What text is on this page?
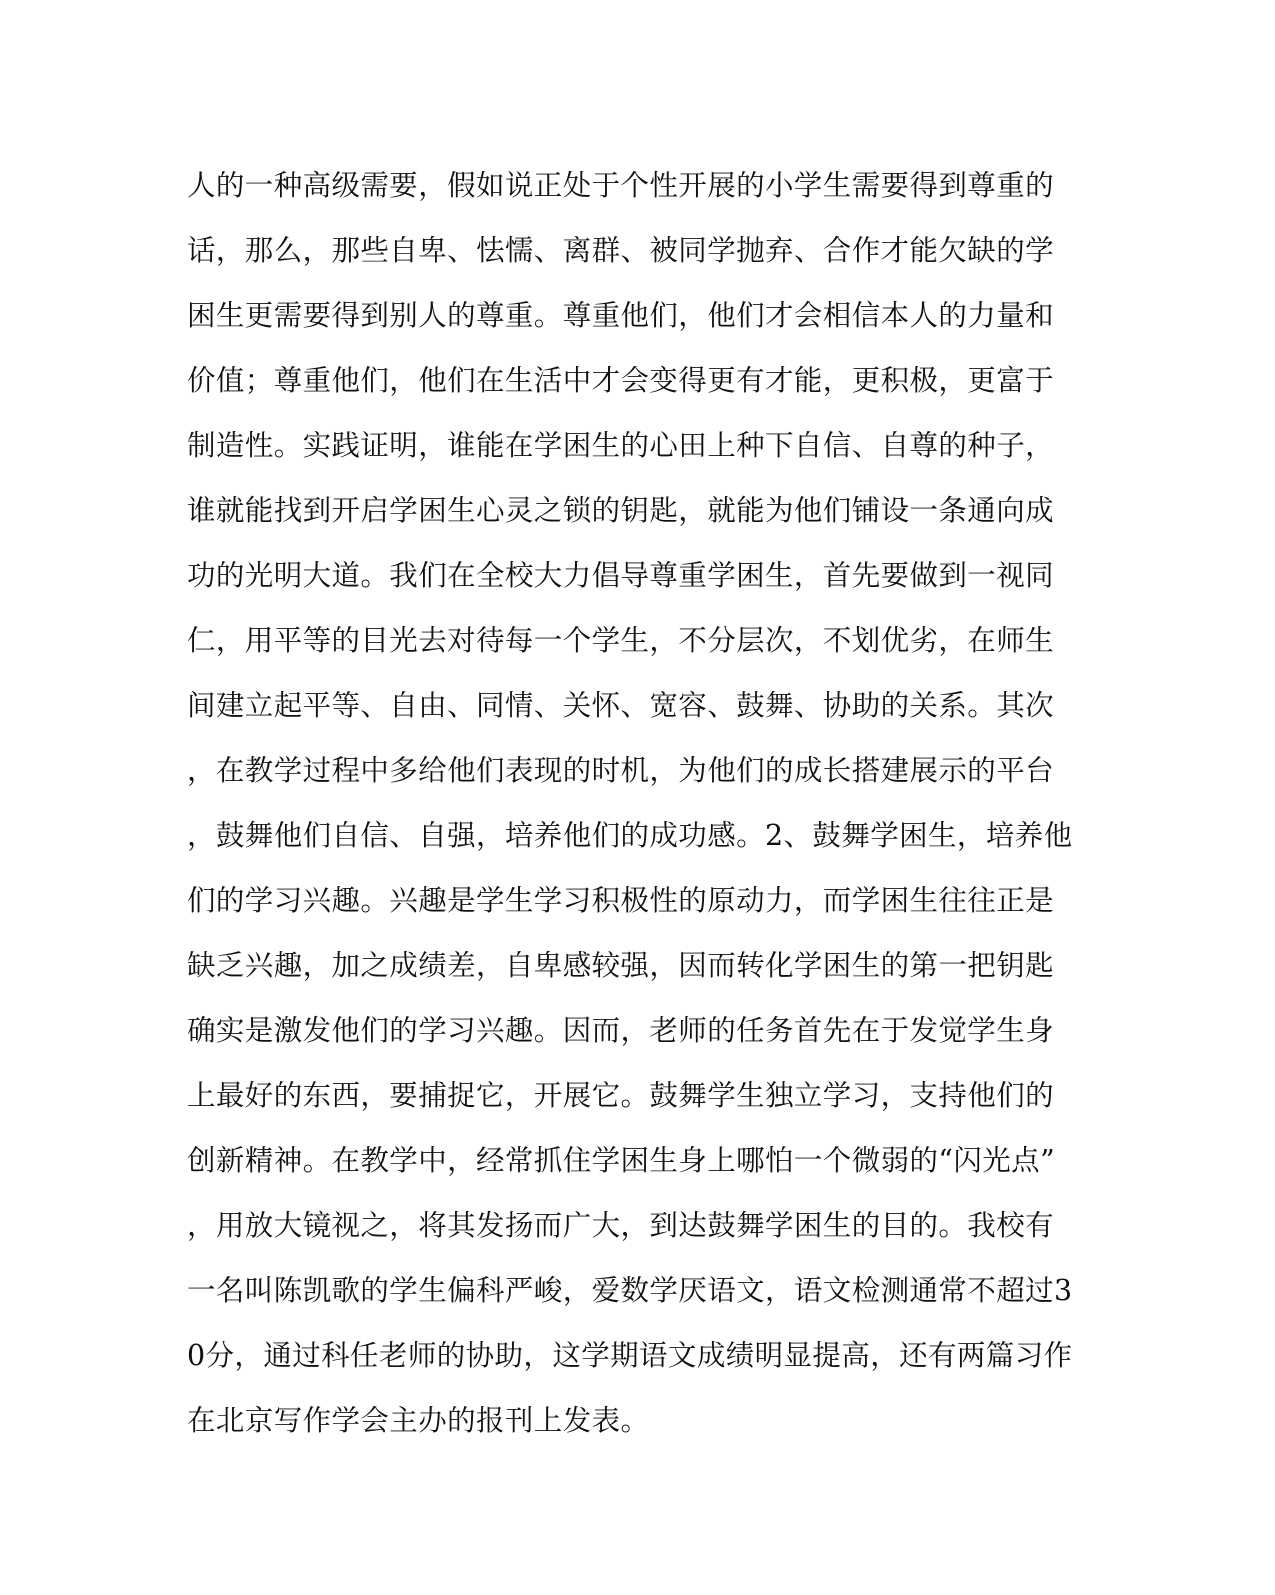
人的一种高级需要，假如说正处于个性开展的小学生需要得到尊重的
话，那么，那些自卑、怯懦、离群、被同学抛弃、合作才能欠缺的学
困生更需要得到别人的尊重。尊重他们，他们才会相信本人的力量和
价值；尊重他们，他们在生活中才会变得更有才能，更积极，更富于
制造性。实践证明，谁能在学困生的心田上种下自信、自尊的种子，
谁就能找到开启学困生心灵之锁的钥匙，就能为他们铺设一条通向成
功的光明大道。我们在全校大力倡导尊重学困生，首先要做到一视同
仁，用平等的目光去对待每一个学生，不分层次，不划优劣，在师生
间建立起平等、自由、同情、关怀、宽容、鼓舞、协助的关系。其次
，在教学过程中多给他们表现的时机，为他们的成长搭建展示的平台
，鼓舞他们自信、自强，培养他们的成功感。2、鼓舞学困生，培养他
们的学习兴趣。兴趣是学生学习积极性的原动力，而学困生往往正是
缺乏兴趣，加之成绩差，自卑感较强，因而转化学困生的第一把钥匙
确实是激发他们的学习兴趣。因而，老师的任务首先在于发觉学生身
上最好的东西，要捕捉它，开展它。鼓舞学生独立学习，支持他们的
创新精神。在教学中，经常抓住学困生身上哪怕一个微弱的“闪光点”
，用放大镜视之，将其发扬而广大，到达鼓舞学困生的目的。我校有
一名叫陈凯歌的学生偏科严峻，爱数学厌语文，语文检测通常不超过3
0分，通过科任老师的协助，这学期语文成绩明显提高，还有两篇习作
在北京写作学会主办的报刊上发表。
